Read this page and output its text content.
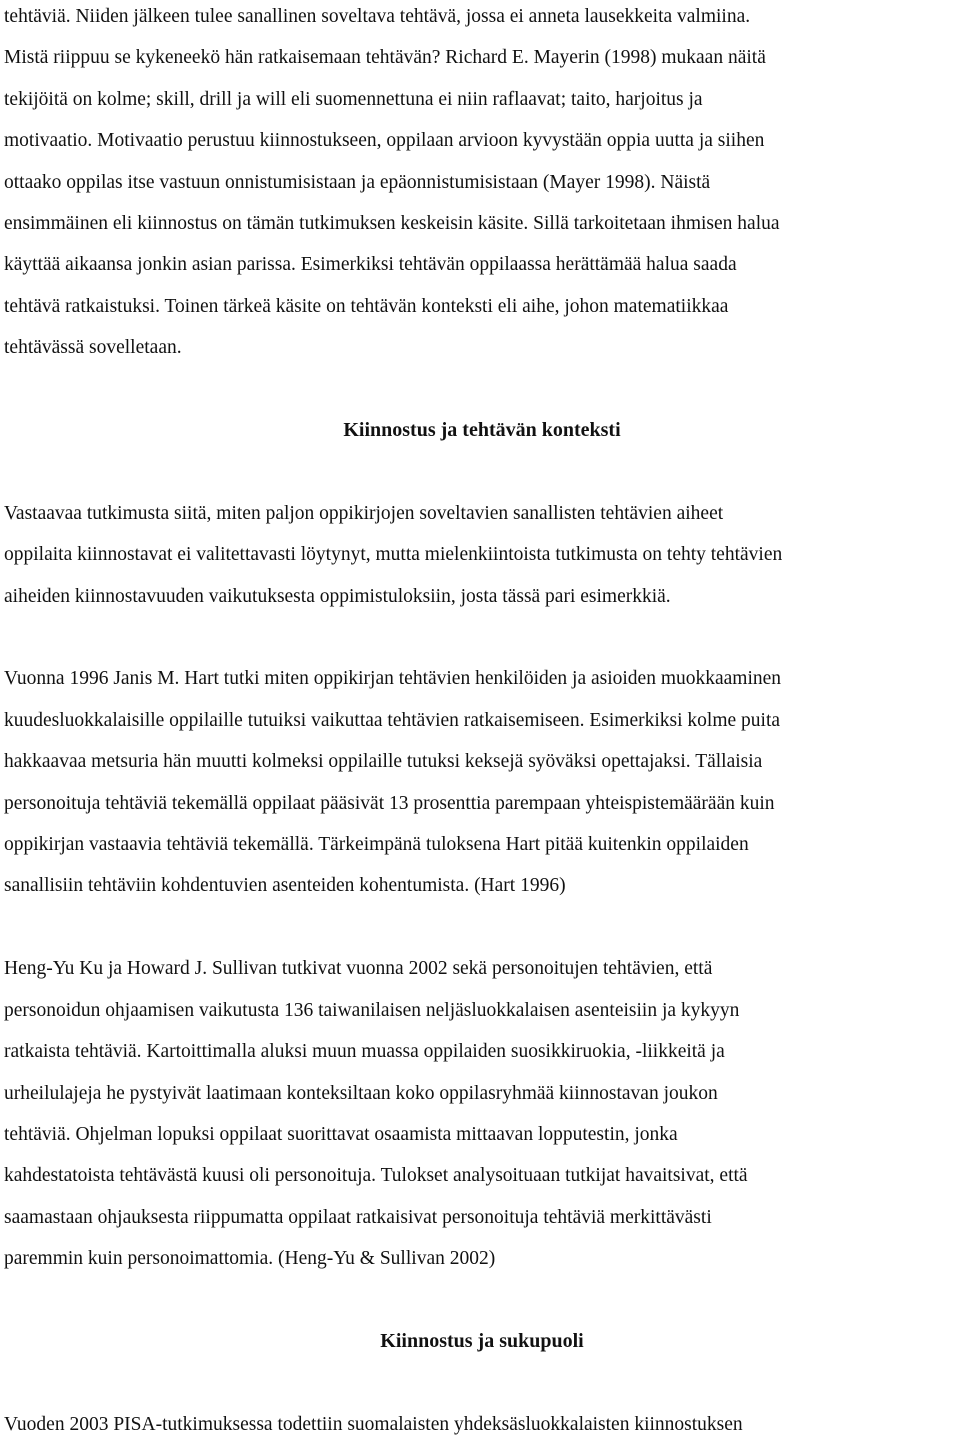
tehtäviä. Niiden jälkeen tulee sanallinen soveltava tehtävä, jossa ei anneta lausekkeita valmiina.
Mistä riippuu se kykeneekö hän ratkaisemaan tehtävän? Richard E. Mayerin (1998) mukaan näitä
tekijöitä on kolme; skill, drill ja will eli suomennettuna ei niin raflaavat; taito, harjoitus ja
motivaatio. Motivaatio perustuu kiinnostukseen, oppilaan arvioon kyvystään oppia uutta ja siihen
ottaako oppilas itse vastuun onnistumisistaan ja epäonnistumisistaan (Mayer 1998). Näistä
ensimmäinen eli kiinnostus on tämän tutkimuksen keskeisin käsite. Sillä tarkoitetaan ihmisen halua
käyttää aikaansa jonkin asian parissa. Esimerkiksi tehtävän oppilaassa herättämää halua saada
tehtävä ratkaistuksi. Toinen tärkeä käsite on tehtävän konteksti eli aihe, johon matematiikkaa
tehtävässä sovelletaan.

Kiinnostus ja tehtävän konteksti

Vastaavaa tutkimusta siitä, miten paljon oppikirjojen soveltavien sanallisten tehtävien aiheet
oppilaita kiinnostavat ei valitettavasti löytynyt, mutta mielenkiintoista tutkimusta on tehty tehtävien
aiheiden kiinnostavuuden vaikutuksesta oppimistuloksiin, josta tässä pari esimerkkiä.

Vuonna 1996 Janis M. Hart tutki miten oppikirjan tehtävien henkilöiden ja asioiden muokkaaminen
kuudesluokkalaisille oppilaille tutuiksi vaikuttaa tehtävien ratkaisemiseen. Esimerkiksi kolme puita
hakkaavaa metsuria hän muutti kolmeksi oppilaille tutuksi keksejä syöväksi opettajaksi. Tällaisia
personoituja tehtäviä tekemällä oppilaat pääsivät 13 prosenttia parempaan yhteispistemäärään kuin
oppikirjan vastaavia tehtäviä tekemällä. Tärkeimpänä tuloksena Hart pitää kuitenkin oppilaiden
sanallisiin tehtäviin kohdentuvien asenteiden kohentumista. (Hart 1996)

Heng-Yu Ku ja Howard J. Sullivan tutkivat vuonna 2002 sekä personoitujen tehtävien, että
personoidun ohjaamisen vaikutusta 136 taiwanilaisen neljäsluokkalaisen asenteisiin ja kykyyn
ratkaista tehtäviä. Kartoittimalla aluksi muun muassa oppilaiden suosikkiruokia, -liikkeitä ja
urheilulajeja he pystyivät laatimaan konteksiltaan koko oppilasryhmää kiinnostavan joukon
tehtäviä. Ohjelman lopuksi oppilaat suorittavat osaamista mittaavan lopputestin, jonka
kahdestatoista tehtävästä kuusi oli personoituja. Tulokset analysoituaan tutkijat havaitsivat, että
saamastaan ohjauksesta riippumatta oppilaat ratkaisivat personoituja tehtäviä merkittävästi
paremmin kuin personoimattomia. (Heng-Yu & Sullivan 2002)

Kiinnostus ja sukupuoli

Vuoden 2003 PISA-tutkimuksessa todettiin suomalaisten yhdeksäsluokkalaisten kiinnostuksen
